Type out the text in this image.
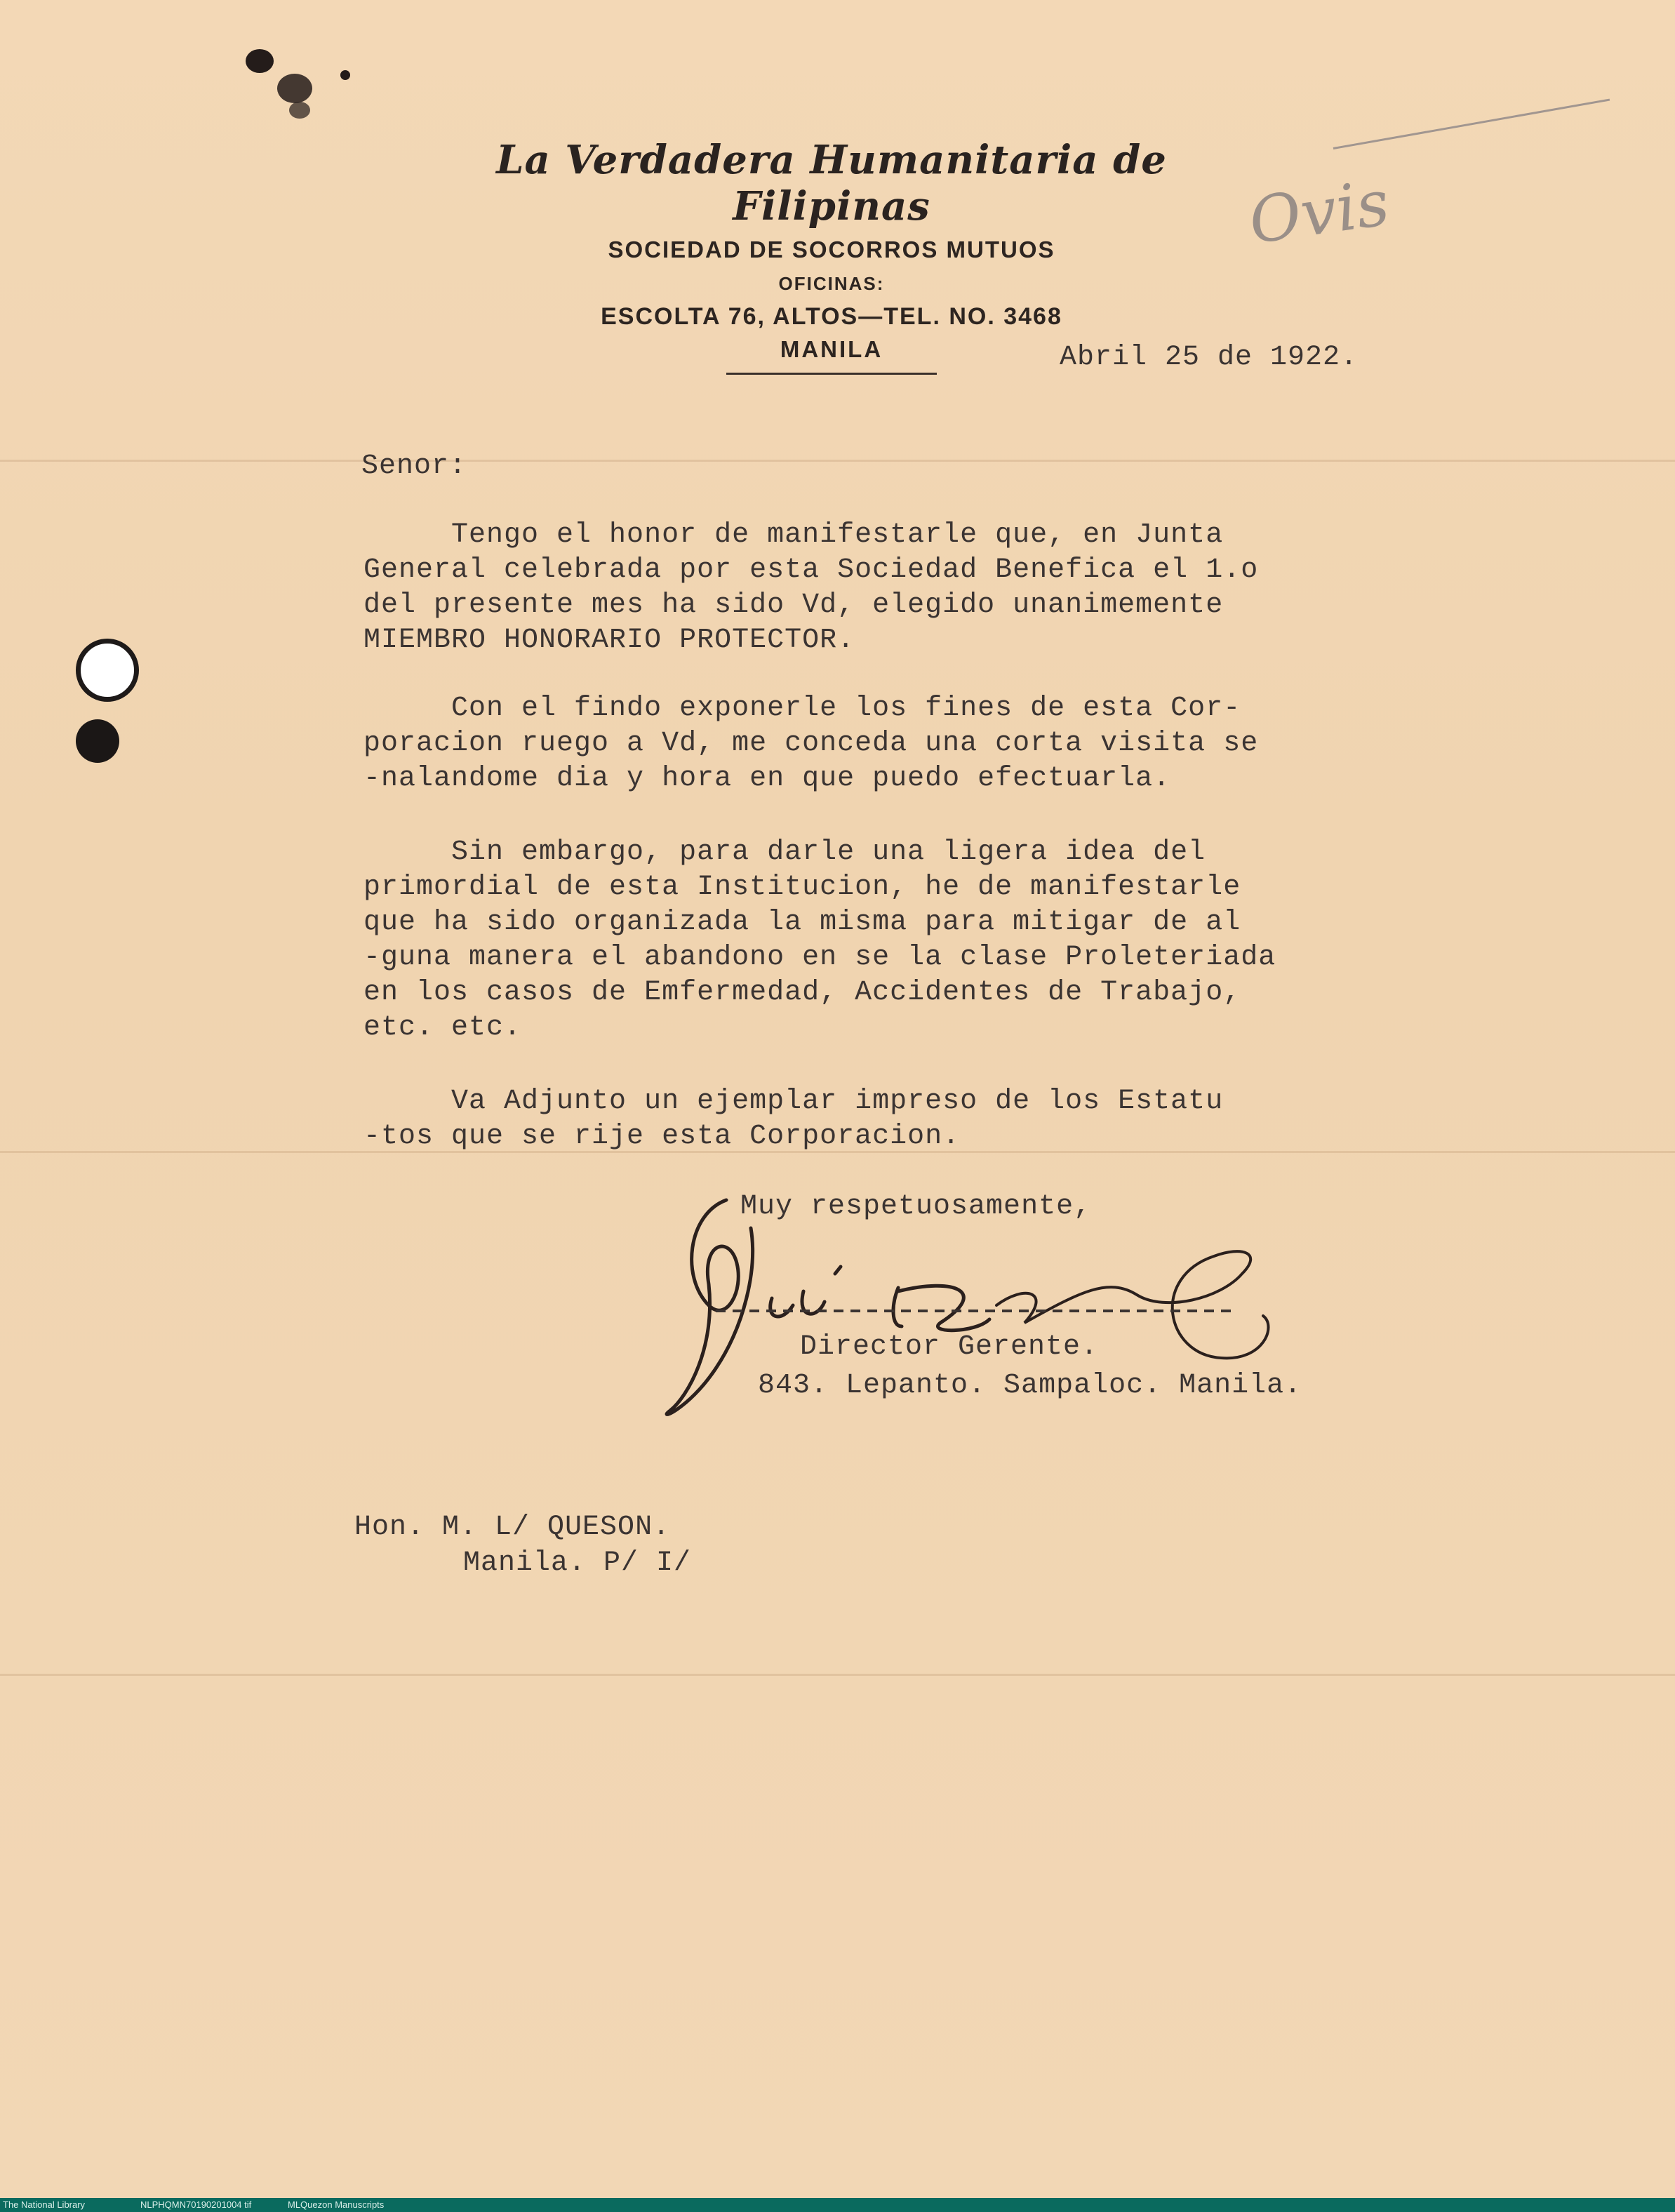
La Verdadera Humanitaria de Filipinas
SOCIEDAD DE SOCORROS MUTUOS
OFICINAS:
ESCOLTA 76, ALTOS—TEL. NO. 3468
MANILA
Ovis
Abril 25 de 1922.
Senor:
Tengo el honor de manifestarle que, en Junta
General celebrada por esta Sociedad Benefica el 1.o
del presente mes ha sido Vd, elegido unanimemente
MIEMBRO HONORARIO PROTECTOR.
Con el findo exponerle los fines de esta Cor-
poracion ruego a Vd, me conceda una corta visita se
-nalandome dia y hora en que puedo efectuarla.
Sin embargo, para darle una ligera idea del
primordial de esta Institucion, he de manifestarle
que ha sido organizada la misma para mitigar de al
-guna manera el abandono en se la clase Proleteriada
en los casos de Emfermedad, Accidentes de Trabajo,
etc. etc.
Va Adjunto un ejemplar impreso de los Estatu
-tos que se rije esta Corporacion.
Muy respetuosamente,
Director Gerente.
843. Lepanto. Sampaloc. Manila.
Hon. M. L/ QUESON.
Manila. P/ I/
The National Library	NLPHQMN70190201004 tif	MLQuezon Manuscripts
